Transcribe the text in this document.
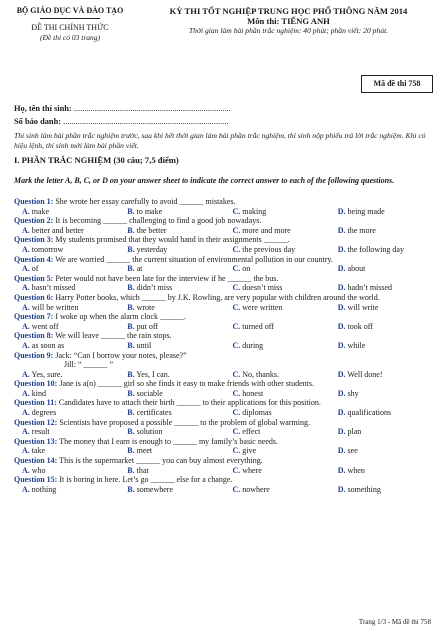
BỘ GIÁO DỤC VÀ ĐÀO TẠO
ĐỀ THI CHÍNH THỨC
(Đề thi có 03 trang)
KỲ THI TỐT NGHIỆP TRUNG HỌC PHỔ THÔNG NĂM 2014
Môn thi: TIẾNG ANH
Thời gian làm bài phần trắc nghiệm: 40 phút; phần viết: 20 phút.
Mã đề thi 758
Họ, tên thí sinh: ...........................................................................
Số báo danh: ...............................................................................
Thí sinh làm bài phần trắc nghiệm trước, sau khi hết thời gian làm bài phần trắc nghiệm, thí sinh nộp phiếu trả lời trắc nghiệm. Khi có hiệu lệnh, thí sinh mới làm bài phần viết.
I. PHẦN TRẮC NGHIỆM (30 câu; 7,5 điểm)
Mark the letter A, B, C, or D on your answer sheet to indicate the correct answer to each of the following questions.
Question 1: She wrote her essay carefully to avoid ______ mistakes.
A. make	B. to make	C. making	D. being made
Question 2: It is becoming ______ challenging to find a good job nowadays.
A. better and better	B. the better	C. more and more	D. the more
Question 3: My students promised that they would hand in their assignments ______.
A. tomorrow	B. yesterday	C. the previous day	D. the following day
Question 4: We are worried ______ the current situation of environmental pollution in our country.
A. of	B. at	C. on	D. about
Question 5: Peter would not have been late for the interview if he ______ the bus.
A. hasn’t missed	B. didn’t miss	C. doesn’t miss	D. hadn’t missed
Question 6: Harry Potter books, which ______ by J.K. Rowling, are very popular with children around the world.
A. will be written	B. wrote	C. were written	D. will write
Question 7: I woke up when the alarm clock ______.
A. went off	B. put off	C. turned off	D. took off
Question 8: We will leave ______ the rain stops.
A. as soon as	B. until	C. during	D. while
Question 9: Jack: “Can I borrow your notes, please?”
Jill: “ ______ ”
A. Yes, sure.	B. Yes, I can.	C. No, thanks.	D. Well done!
Question 10: Jane is a(n) ______ girl so she finds it easy to make friends with other students.
A. kind	B. sociable	C. honest	D. shy
Question 11: Candidates have to attach their birth ______ to their applications for this position.
A. degrees	B. certificates	C. diplomas	D. qualifications
Question 12: Scientists have proposed a possible ______ to the problem of global warming.
A. result	B. solution	C. effect	D. plan
Question 13: The money that I earn is enough to ______ my family’s basic needs.
A. take	B. meet	C. give	D. see
Question 14: This is the supermarket ______ you can buy almost everything.
A. who	B. that	C. where	D. when
Question 15: It is boring in here. Let’s go ______ else for a change.
A. nothing	B. somewhere	C. nowhere	D. something
Trang 1/3 - Mã đề thi 758
